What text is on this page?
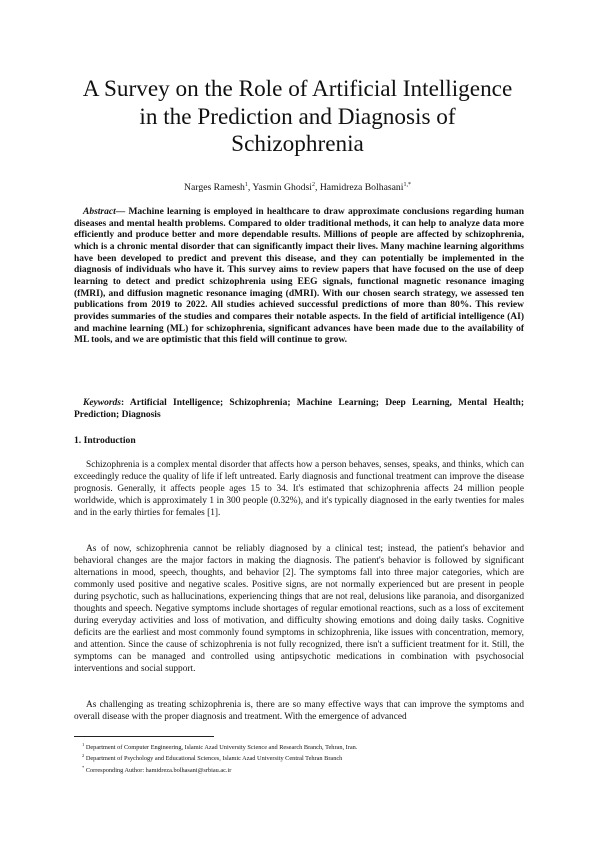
A Survey on the Role of Artificial Intelligence
in the Prediction and Diagnosis of
Schizophrenia
Narges Ramesh$^1$, Yasmin Ghodsi$^2$, Hamidreza Bolhasani$^{1,*}$

Abstract— Machine learning is employed in healthcare to draw approximate conclusions regarding human diseases and mental health problems. Compared to older traditional methods, it can help to analyze data more efficiently and produce better and more dependable results. Millions of people are affected by schizophrenia, which is a chronic mental disorder that can significantly impact their lives. Many machine learning algorithms have been developed to predict and prevent this disease, and they can potentially be implemented in the diagnosis of individuals who have it. This survey aims to review papers that have focused on the use of deep learning to detect and predict schizophrenia using EEG signals, functional magnetic resonance imaging (fMRI), and diffusion magnetic resonance imaging (dMRI). With our chosen search strategy, we assessed ten publications from 2019 to 2022. All studies achieved successful predictions of more than 80%. This review provides summaries of the studies and compares their notable aspects. In the field of artificial intelligence (AI) and machine learning (ML) for schizophrenia, significant advances have been made due to the availability of ML tools, and we are optimistic that this field will continue to grow.

Keywords: Artificial Intelligence; Schizophrenia; Machine Learning; Deep Learning, Mental Health; Prediction; Diagnosis

1. Introduction

Schizophrenia is a complex mental disorder that affects how a person behaves, senses, speaks, and thinks, which can exceedingly reduce the quality of life if left untreated. Early diagnosis and functional treatment can improve the disease prognosis. Generally, it affects people ages 15 to 34. It's estimated that schizophrenia affects 24 million people worldwide, which is approximately 1 in 300 people (0.32%), and it's typically diagnosed in the early twenties for males and in the early thirties for females [1].

As of now, schizophrenia cannot be reliably diagnosed by a clinical test; instead, the patient's behavior and behavioral changes are the major factors in making the diagnosis. The patient's behavior is followed by significant alternations in mood, speech, thoughts, and behavior [2]. The symptoms fall into three major categories, which are commonly used positive and negative scales. Positive signs, are not normally experienced but are present in people during psychotic, such as hallucinations, experiencing things that are not real, delusions like paranoia, and disorganized thoughts and speech. Negative symptoms include shortages of regular emotional reactions, such as a loss of excitement during everyday activities and loss of motivation, and difficulty showing emotions and doing daily tasks. Cognitive deficits are the earliest and most commonly found symptoms in schizophrenia, like issues with concentration, memory, and attention. Since the cause of schizophrenia is not fully recognized, there isn't a sufficient treatment for it. Still, the symptoms can be managed and controlled using antipsychotic medications in combination with psychosocial interventions and social support.

As challenging as treating schizophrenia is, there are so many effective ways that can improve the symptoms and overall disease with the proper diagnosis and treatment. With the emergence of advanced

$^1$ Department of Computer Engineering, Islamic Azad University Science and Research Branch, Tehran, Iran.
$^2$ Department of Psychology and Educational Sciences, Islamic Azad University Central Tehran Branch
* Corresponding Author: hamidreza.bolhasani@srbiau.ac.ir
